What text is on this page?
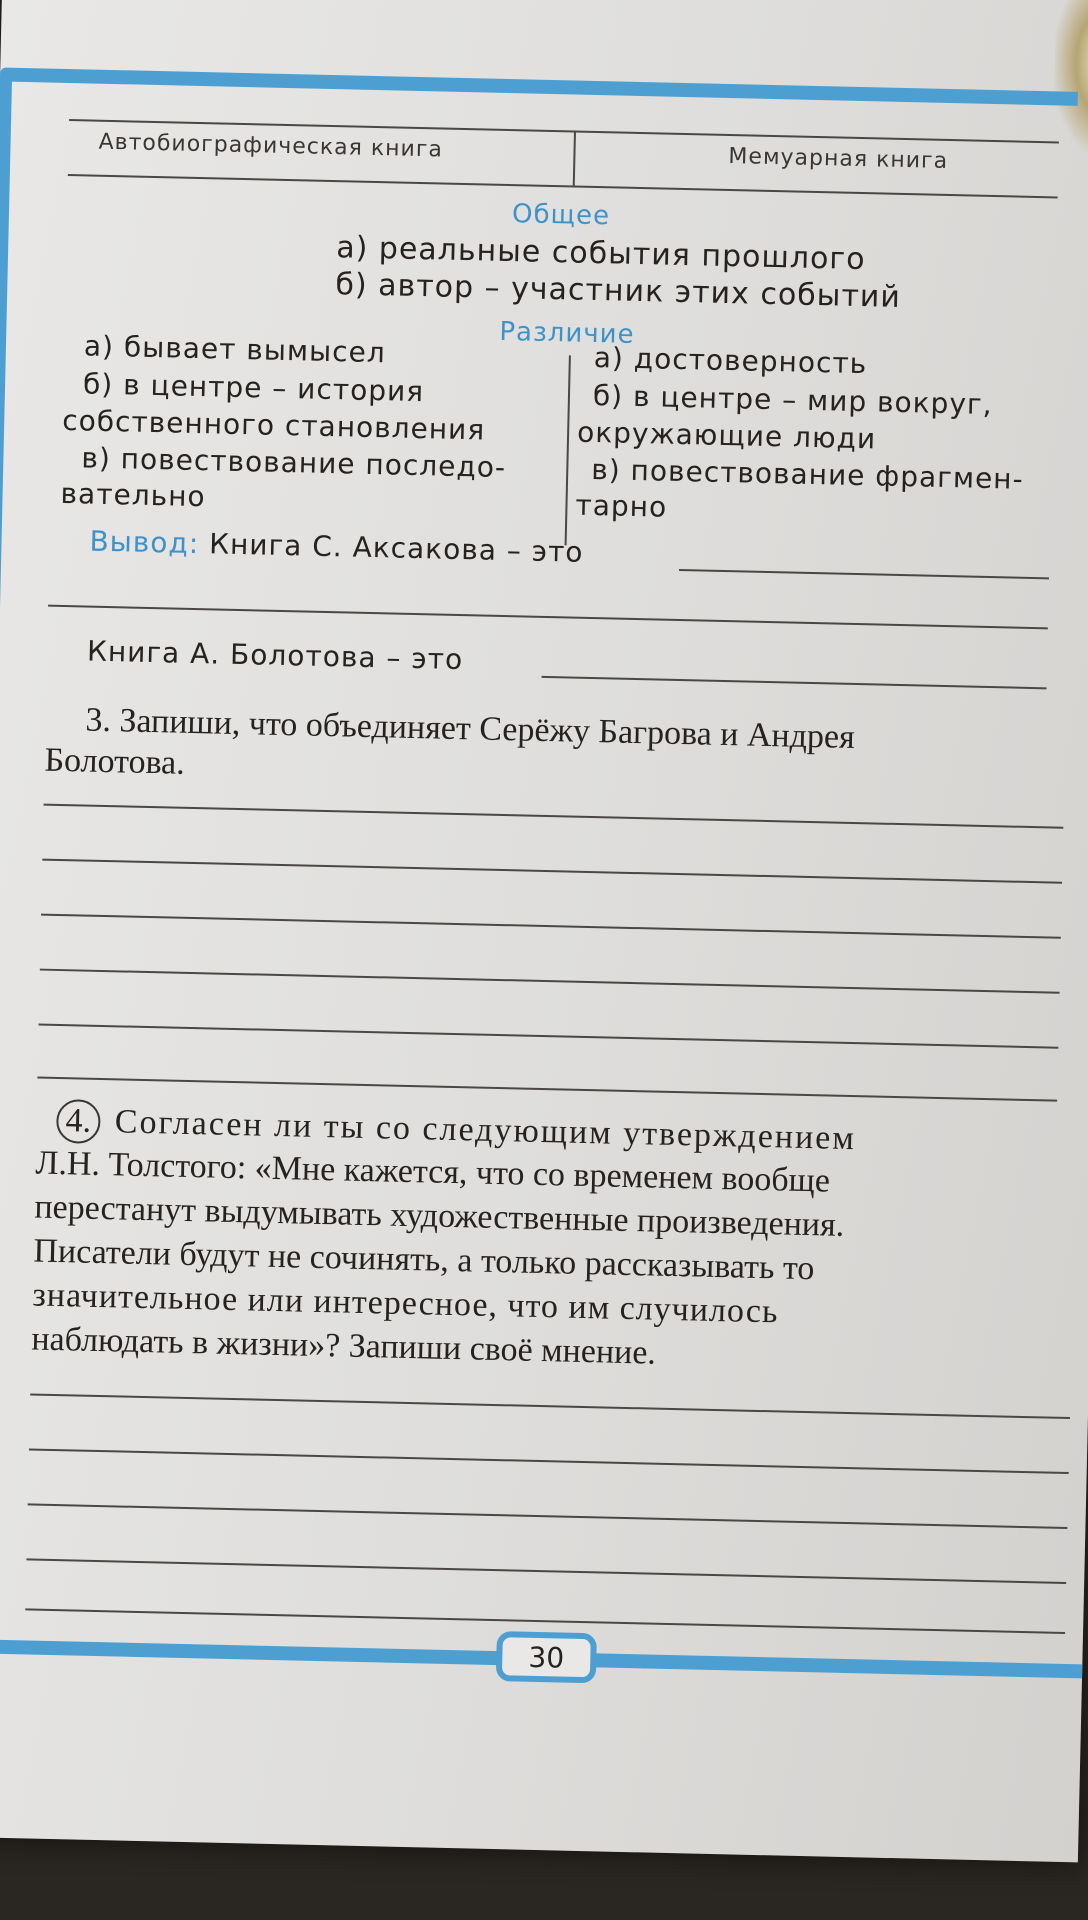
Автобиографическая книга	Мемуарная книга
Общее
а) реальные события прошлого
б) автор – участник этих событий
Различие
а) бывает вымысел
б) в центре – история
собственного становления
в) повествование последо-
вательно
а) достоверность
б) в центре – мир вокруг,
окружающие люди
в) повествование фрагмен-
тарно
Вывод: Книга С. Аксакова – это
Книга А. Болотова – это
3. Запиши, что объединяет Серёжу Багрова и Андрея
Болотова.
4. Согласен ли ты со следующим утверждением
Л.Н. Толстого: «Мне кажется, что со временем вообще
перестанут выдумывать художественные произведения.
Писатели будут не сочинять, а только рассказывать то
значительное или интересное, что им случилось
наблюдать в жизни»? Запиши своё мнение.
30
